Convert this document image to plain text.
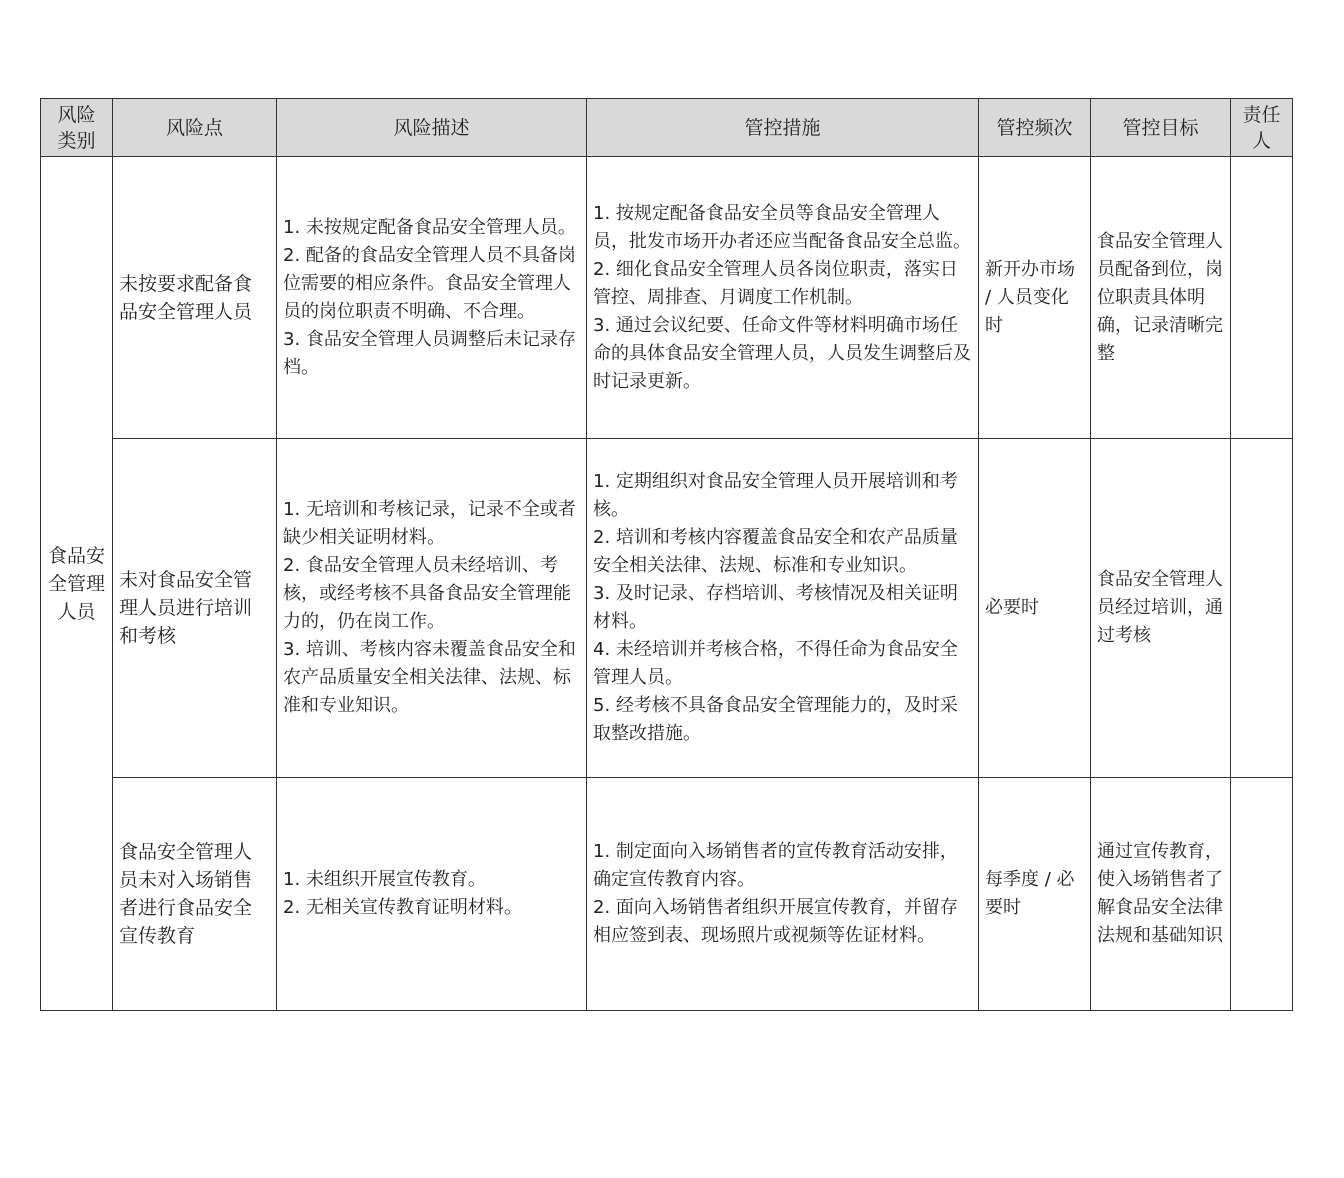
风险
类别	风险点	风险描述	管控措施	管控频次	管控目标	责任
人

食品安
全管理
人员	未按要求配备食品安全管理人员	1. 未按规定配备食品安全管理人员。
2. 配备的食品安全管理人员不具备岗位需要的相应条件。食品安全管理人员的岗位职责不明确、不合理。
3. 食品安全管理人员调整后未记录存档。	1. 按规定配备食品安全员等食品安全管理人员，批发市场开办者还应当配备食品安全总监。
2. 细化食品安全管理人员各岗位职责，落实日管控、周排查、月调度工作机制。
3. 通过会议纪要、任命文件等材料明确市场任命的具体食品安全管理人员，人员发生调整后及时记录更新。	新开办市场 / 人员变化时	食品安全管理人员配备到位，岗位职责具体明确，记录清晰完整	
	未对食品安全管理人员进行培训和考核	1. 无培训和考核记录，记录不全或者缺少相关证明材料。
2. 食品安全管理人员未经培训、考核，或经考核不具备食品安全管理能力的，仍在岗工作。
3. 培训、考核内容未覆盖食品安全和农产品质量安全相关法律、法规、标准和专业知识。	1. 定期组织对食品安全管理人员开展培训和考核。
2. 培训和考核内容覆盖食品安全和农产品质量安全相关法律、法规、标准和专业知识。
3. 及时记录、存档培训、考核情况及相关证明材料。
4. 未经培训并考核合格，不得任命为食品安全管理人员。
5. 经考核不具备食品安全管理能力的，及时采取整改措施。	必要时	食品安全管理人员经过培训，通过考核	
	食品安全管理人员未对入场销售者进行食品安全宣传教育	1. 未组织开展宣传教育。
2. 无相关宣传教育证明材料。	1. 制定面向入场销售者的宣传教育活动安排，确定宣传教育内容。
2. 面向入场销售者组织开展宣传教育，并留存相应签到表、现场照片或视频等佐证材料。	每季度 / 必要时	通过宣传教育，使入场销售者了解食品安全法律法规和基础知识	
